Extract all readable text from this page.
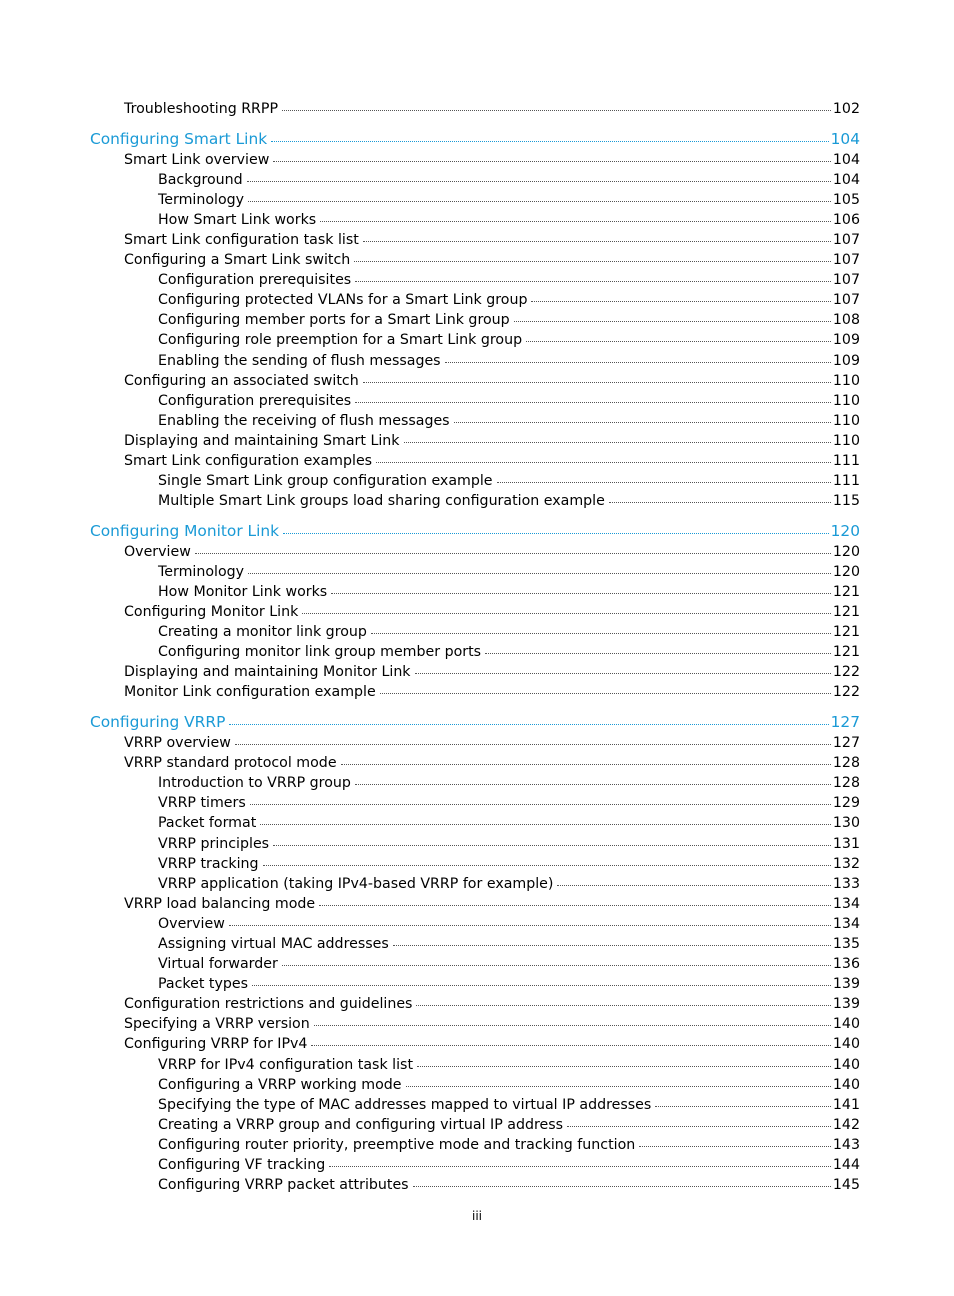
Troubleshooting RRPP	102
Configuring Smart Link	104
Smart Link overview	104
Background	104
Terminology	105
How Smart Link works	106
Smart Link configuration task list	107
Configuring a Smart Link switch	107
Configuration prerequisites	107
Configuring protected VLANs for a Smart Link group	107
Configuring member ports for a Smart Link group	108
Configuring role preemption for a Smart Link group	109
Enabling the sending of flush messages	109
Configuring an associated switch	110
Configuration prerequisites	110
Enabling the receiving of flush messages	110
Displaying and maintaining Smart Link	110
Smart Link configuration examples	111
Single Smart Link group configuration example	111
Multiple Smart Link groups load sharing configuration example	115
Configuring Monitor Link	120
Overview	120
Terminology	120
How Monitor Link works	121
Configuring Monitor Link	121
Creating a monitor link group	121
Configuring monitor link group member ports	121
Displaying and maintaining Monitor Link	122
Monitor Link configuration example	122
Configuring VRRP	127
VRRP overview	127
VRRP standard protocol mode	128
Introduction to VRRP group	128
VRRP timers	129
Packet format	130
VRRP principles	131
VRRP tracking	132
VRRP application (taking IPv4-based VRRP for example)	133
VRRP load balancing mode	134
Overview	134
Assigning virtual MAC addresses	135
Virtual forwarder	136
Packet types	139
Configuration restrictions and guidelines	139
Specifying a VRRP version	140
Configuring VRRP for IPv4	140
VRRP for IPv4 configuration task list	140
Configuring a VRRP working mode	140
Specifying the type of MAC addresses mapped to virtual IP addresses	141
Creating a VRRP group and configuring virtual IP address	142
Configuring router priority, preemptive mode and tracking function	143
Configuring VF tracking	144
Configuring VRRP packet attributes	145
iii
